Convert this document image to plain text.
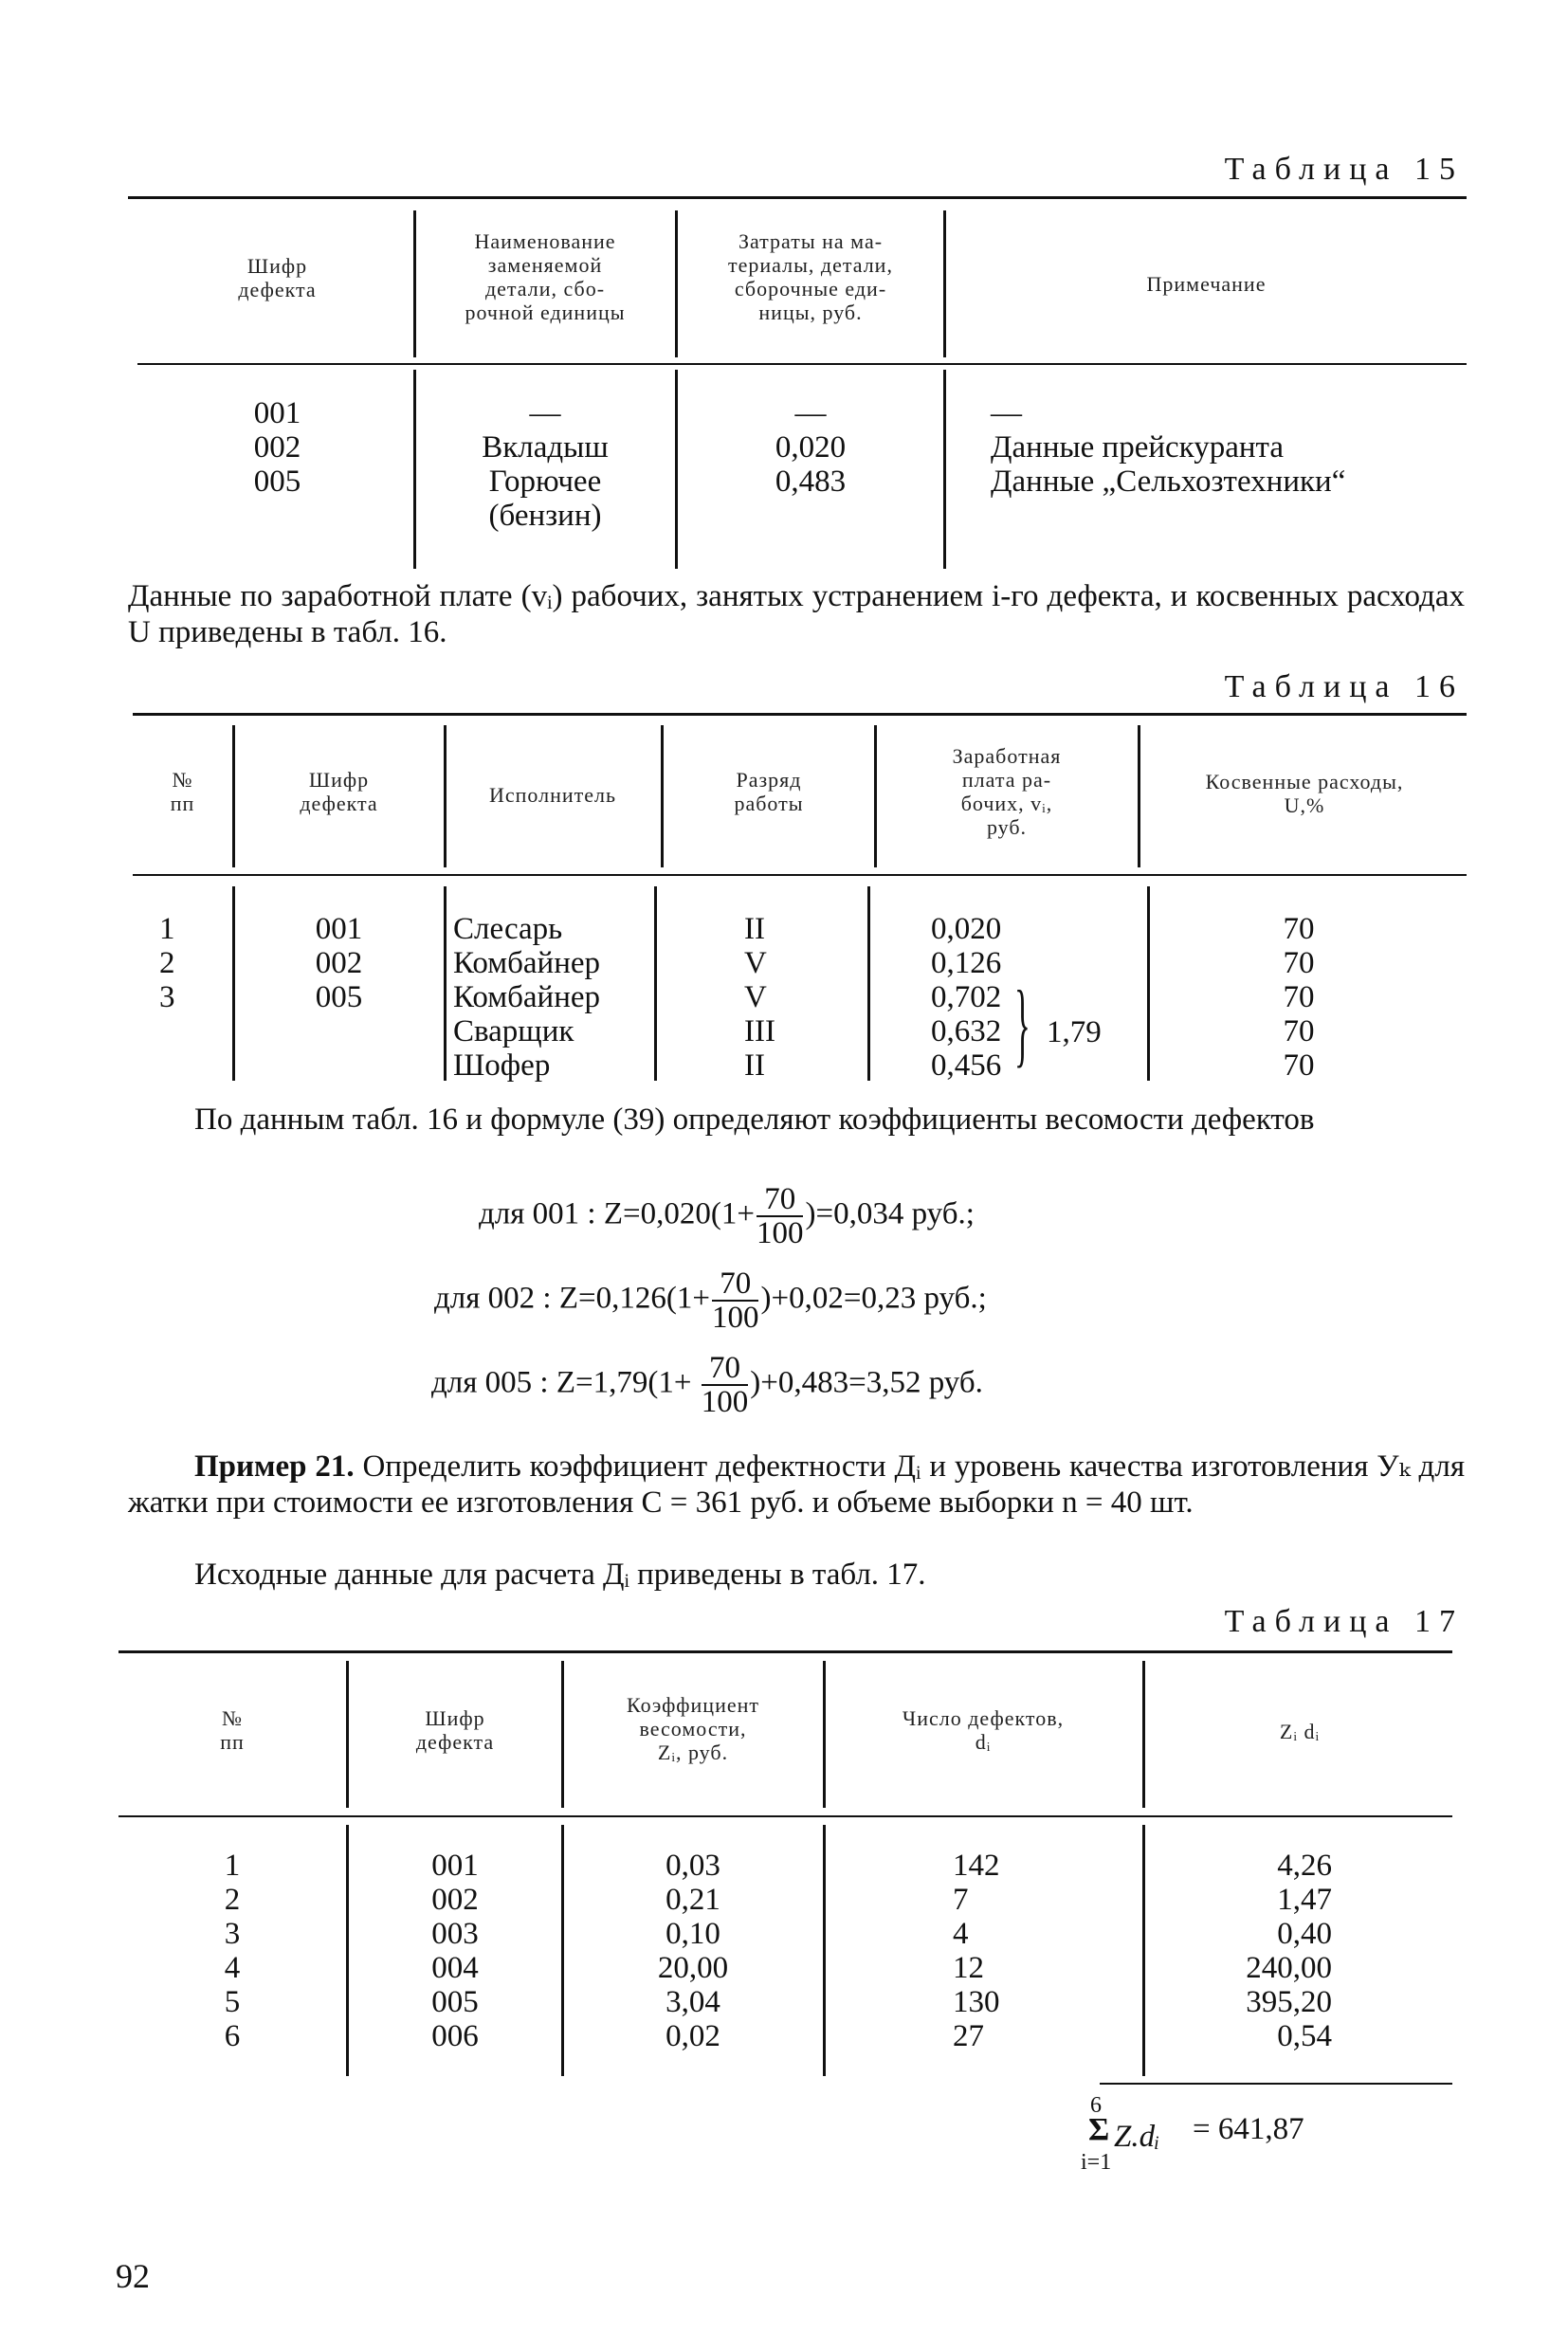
Таблица 15
Шифр
дефекта
Наименование
заменяемой
детали, сбо-
рочной единицы
Затраты на ма-
териалы, детали,
сборочные еди-
ницы, руб.
Примечание
001
002
005
—
Вкладыш
Горючее
(бензин)
—
0,020
0,483
—
Данные прейскуранта
Данные „Сельхозтехники“
Данные по заработной плате (vᵢ) рабочих, занятых устранением i-го дефекта, и косвенных расходах U приведены в табл. 16.
Таблица 16
№
пп
Шифр
дефекта	Исполнитель
Разряд
работы
Заработная
плата ра-
бочих, vᵢ,
руб.
Косвенные расходы,
U,%
1
2
3
001
002
005
Слесарь
Комбайнер
Комбайнер
Сварщик
Шофер
II
V
V
III
II
0,020
0,126
0,702
0,632
0,456 } 1,79
70
70
70
70
70
По данным табл. 16 и формуле (39) определяют коэффициенты весомости дефектов
для 001 : $Z=0,020(1+ \frac{70}{100} )=0,034$ руб.;
для 002 : $Z=0,126(1+ \frac{70}{100} )+0,02=0,23$ руб.;
для 005 : $Z=1,79(1+ \frac{70}{100} )+0,483=3,52$ руб.
Пример 21. Определить коэффициент дефектности Дᵢ и уровень качества изготовления Уₖ для жатки при стоимости ее изготовления C = 361 руб. и объеме выборки n = 40 шт.
Исходные данные для расчета Дᵢ приведены в табл. 17.
Таблица 17
№
пп
Шифр
дефекта
Коэффициент
весомости,
Zᵢ, руб.
Число дефектов,
dᵢ	Zᵢ dᵢ
1
2
3
4
5
6
001
002
003
004
005
006
0,03
0,21
0,10
20,00
3,04
0,02
142
7
4
12
130
27
4,26
1,47
0,40
240,00
395,20
0,54
6
Σ
i=1
Z.dᵢ = 641,87
92
